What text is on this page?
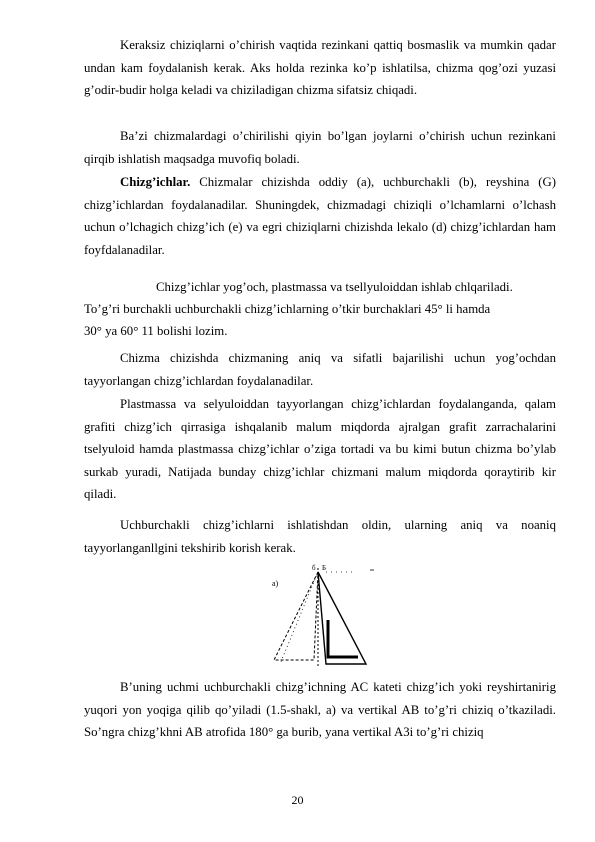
Keraksiz chiziqlarni o’chirish vaqtida rezinkani qattiq bosmaslik va mumkin qadar undan kam foydalanish kerak. Aks holda rezinka ko’p ishlatilsa, chizma qog’ozi yuzasi g’odir-budir holga keladi va chiziladigan chizma sifatsiz chiqadi.

Ba’zi chizmalardagi o’chirilishi qiyin bo’lgan joylarni o’chirish uchun rezinkani qirqib ishlatish maqsadga muvofiq boladi.

Chizg’ichlar. Chizmalar chizishda oddiy (a), uchburchakli (b), reyshina (G) chizg’ichlardan foydalanadilar. Shuningdek, chizmadagi chiziqli o’lchamlarni o’lchash uchun o’lchagich chizg’ich (e) va egri chiziqlarni chizishda lekalo (d) chizg’ichlardan ham foyfdalanadilar.

Chizg’ichlar yog’och, plastmassa va tsellyuloiddan ishlab chlqariladi.
To’g’ri burchakli uchburchakli chizg’ichlarning o’tkir burchaklari 45° li hamda
30° ya 60° 11 bolishi lozim.

Chizma chizishda chizmaning aniq va sifatli bajarilishi uchun yog’ochdan tayyorlangan chizg’ichlardan foydalanadilar.

Plastmassa va selyuloiddan tayyorlangan chizg’ichlardan foydalanganda, qalam grafiti chizg’ich qirrasiga ishqalanib malum miqdorda ajralgan grafit zarrachalarini tselyuloid hamda plastmassa chizg’ichlar o’ziga tortadi va bu kimi butun chizma bo’ylab surkab yuradi, Natijada bunday chizg’ichlar chizmani malum miqdorda qoraytirib kir qiladi.

Uchburchakli chizg’ichlarni ishlatishdan oldin, ularning aniq va noaniq tayyorlanganllgini tekshirib korish kerak.

a)
б Б

B’uning uchmi uchburchakli chizg’ichning AC kateti chizg’ich yoki reyshirtanirig yuqori yon yoqiga qilib qo’yiladi (1.5-shakl, a) va vertikal AB to’g’ri chiziq o’tkaziladi. So’ngra chizg’khni AB atrofida 180° ga burib, yana vertikal A3i to’g’ri chiziq

20
